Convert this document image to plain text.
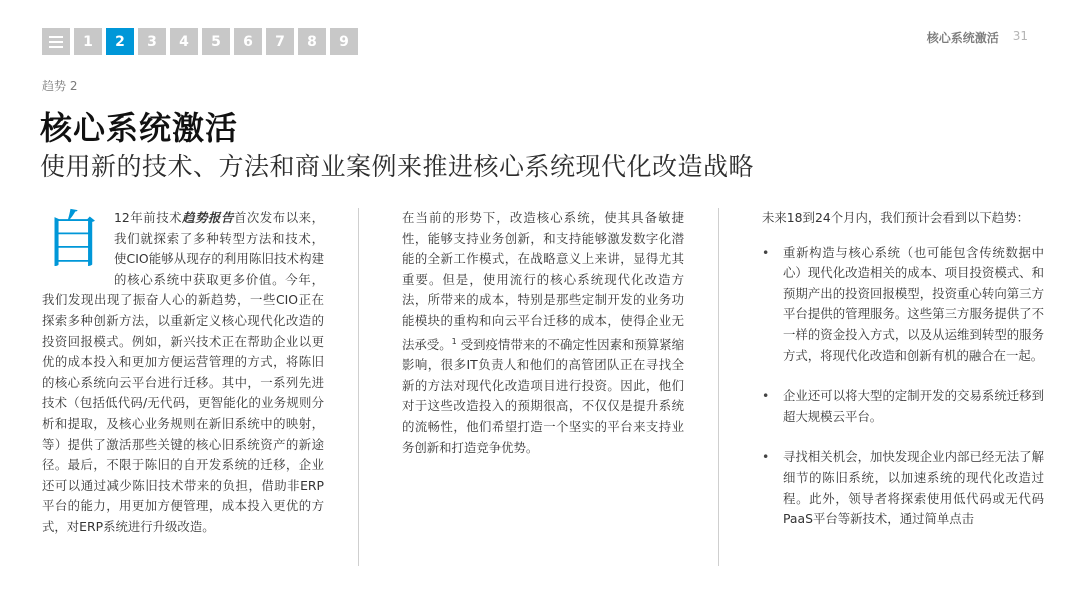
1	2	3	4	5	6	7	8	9	核心系统激活 31
趋势 2
核心系统激活
使用新的技术、方法和商业案例来推进核心系统现代化改造战略

自 12年前技术趋势报告首次发布以来，我们就探索了多种转型方法和技术，使CIO能够从现存的利用陈旧技术构建的核心系统中获取更多价值。今年，我们发现出现了振奋人心的新趋势，一些CIO正在探索多种创新方法，以重新定义核心现代化改造的投资回报模式。例如，新兴技术正在帮助企业以更优的成本投入和更加方便运营管理的方式，将陈旧的核心系统向云平台进行迁移。其中，一系列先进技术（包括低代码/无代码，更智能化的业务规则分析和提取，及核心业务规则在新旧系统中的映射，等）提供了激活那些关键的核心旧系统资产的新途径。最后，不限于陈旧的自开发系统的迁移，企业还可以通过减少陈旧技术带来的负担，借助非ERP平台的能力，用更加方便管理，成本投入更优的方式，对ERP系统进行升级改造。

在当前的形势下，改造核心系统，使其具备敏捷性，能够支持业务创新，和支持能够激发数字化潜能的全新工作模式，在战略意义上来讲，显得尤其重要。但是，使用流行的核心系统现代化改造方法，所带来的成本，特别是那些定制开发的业务功能模块的重构和向云平台迁移的成本，使得企业无法承受。$^1$ 受到疫情带来的不确定性因素和预算紧缩影响，很多IT负责人和他们的高管团队正在寻找全新的方法对现代化改造项目进行投资。因此，他们对于这些改造投入的预期很高，不仅仅是提升系统的流畅性，他们希望打造一个坚实的平台来支持业务创新和打造竞争优势。

未来18到24个月内，我们预计会看到以下趋势：

• 重新构造与核心系统（也可能包含传统数据中心）现代化改造相关的成本、项目投资模式、和预期产出的投资回报模型，投资重心转向第三方平台提供的管理服务。这些第三方服务提供了不一样的资金投入方式，以及从运维到转型的服务方式，将现代化改造和创新有机的融合在一起。
• 企业还可以将大型的定制开发的交易系统迁移到超大规模云平台。
• 寻找相关机会，加快发现企业内部已经无法了解细节的陈旧系统，以加速系统的现代化改造过程。此外，领导者将探索使用低代码或无代码PaaS平台等新技术，通过简单点击
